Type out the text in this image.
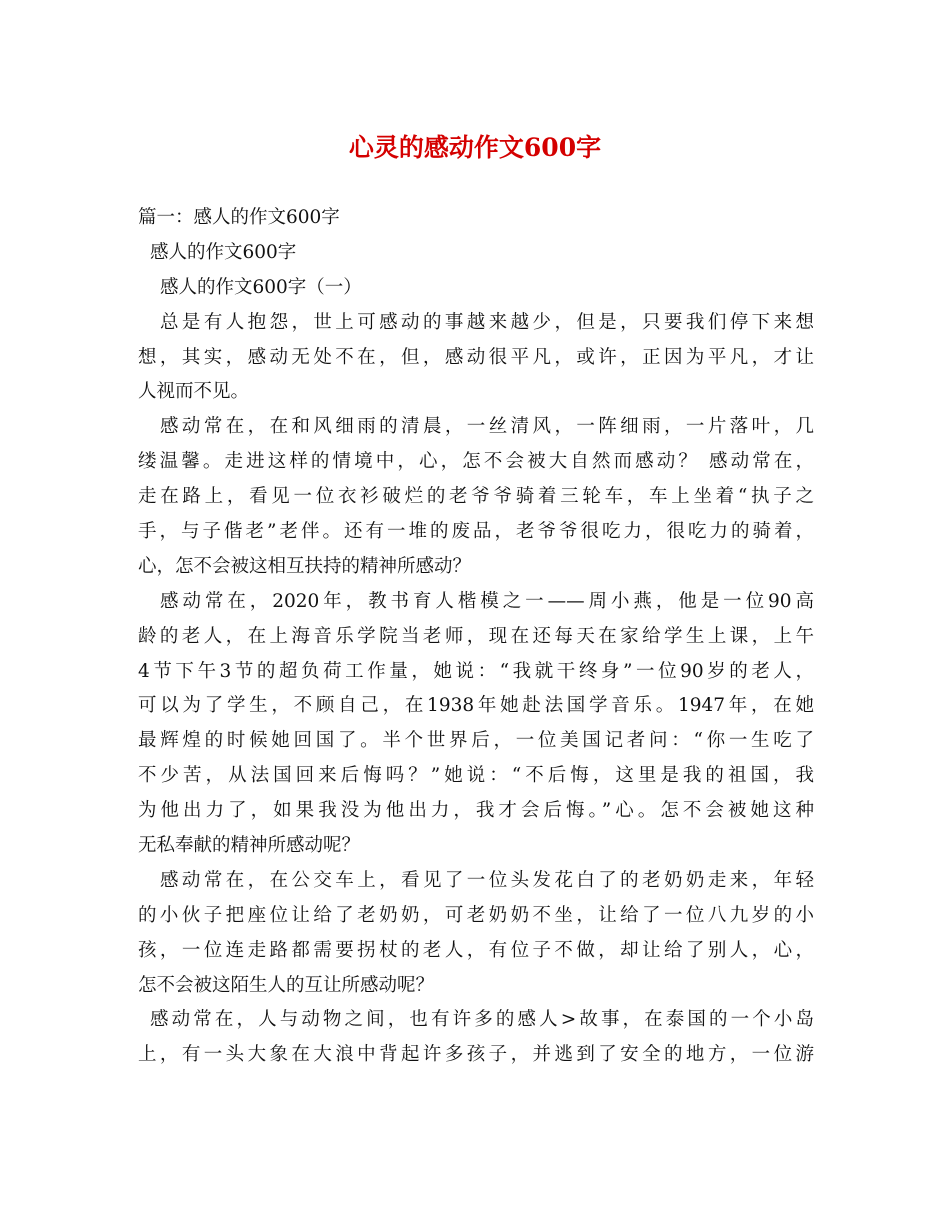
心灵的感动作文600字
篇一：感人的作文600字
感人的作文600字
感人的作文600字（一）
总是有人抱怨，世上可感动的事越来越少，但是，只要我们停下来想
想，其实，感动无处不在，但，感动很平凡，或许，正因为平凡，才让
人视而不见。
感动常在，在和风细雨的清晨，一丝清风，一阵细雨，一片落叶，几
缕温馨。走进这样的情境中，心，怎不会被大自然而感动？ 感动常在，
走在路上，看见一位衣衫破烂的老爷爷骑着三轮车，车上坐着“执子之
手，与子偕老”老伴。还有一堆的废品，老爷爷很吃力，很吃力的骑着，
心，怎不会被这相互扶持的精神所感动？
感动常在，2020年，教书育人楷模之一——周小燕，他是一位90高
龄的老人，在上海音乐学院当老师，现在还每天在家给学生上课，上午
4节下午3节的超负荷工作量，她说：“我就干终身”一位90岁的老人，
可以为了学生，不顾自己，在1938年她赴法国学音乐。1947年，在她
最辉煌的时候她回国了。半个世界后，一位美国记者问：“你一生吃了
不少苦，从法国回来后悔吗？”她说：“不后悔，这里是我的祖国，我
为他出力了，如果我没为他出力，我才会后悔。”心。怎不会被她这种
无私奉献的精神所感动呢？
感动常在，在公交车上，看见了一位头发花白了的老奶奶走来，年轻
的小伙子把座位让给了老奶奶，可老奶奶不坐，让给了一位八九岁的小
孩，一位连走路都需要拐杖的老人，有位子不做，却让给了别人，心，
怎不会被这陌生人的互让所感动呢？
感动常在，人与动物之间，也有许多的感人>故事，在泰国的一个小岛
上，有一头大象在大浪中背起许多孩子，并逃到了安全的地方，一位游
